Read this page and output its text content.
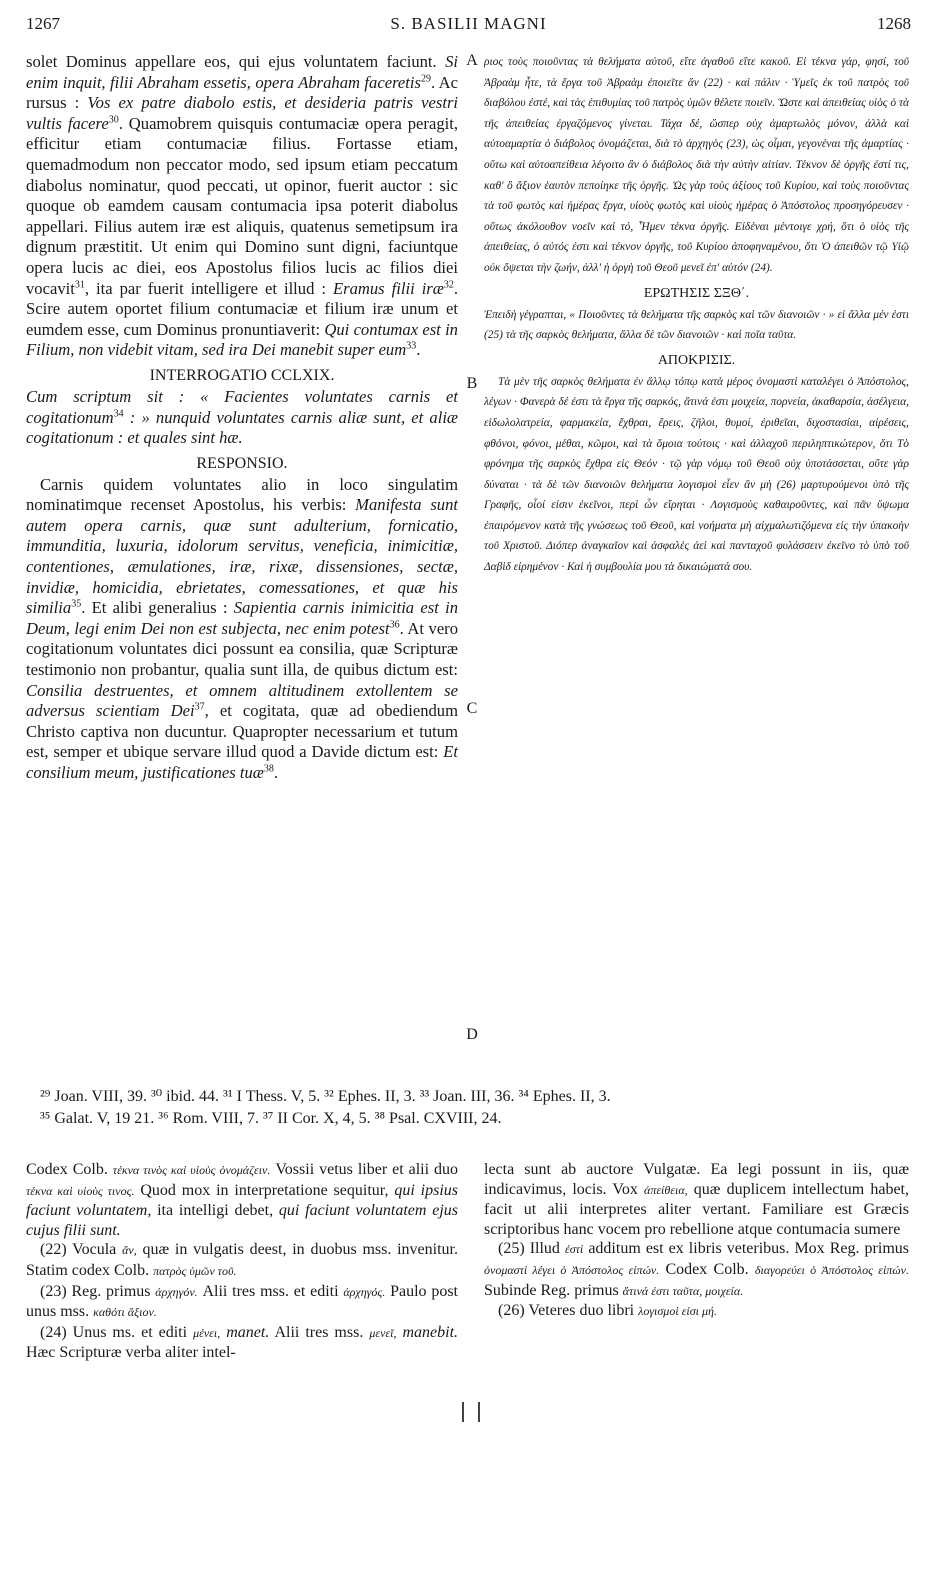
1267	S. BASILII MAGNI	1268

solet Dominus appellare eos, qui ejus voluntatem faciunt. Si enim inquit, filii Abraham essetis, opera Abraham faceretis$^{29}$. Ac rursus : Vos ex patre diabolo estis, et desideria patris vestri vultis facere$^{30}$. Quamobrem quisquis contumaciæ opera peragit, efficitur etiam contumaciæ filius. Fortasse etiam, quemadmodum non peccator modo, sed ipsum etiam peccatum diabolus nominatur, quod peccati, ut opinor, fuerit auctor : sic quoque ob eamdem causam contumacia ipsa poterit diabolus appellari. Filius autem iræ est aliquis, quatenus semetipsum ira dignum præstitit. Ut enim qui Domino sunt digni, faciuntque opera lucis ac diei, eos Apostolus filios lucis ac filios diei vocavit$^{31}$, ita par fuerit intelligere et illud : Eramus filii iræ$^{32}$. Scire autem oportet filium contumaciæ et filium iræ unum et eumdem esse, cum Dominus pronuntiaverit: Qui contumax est in Filium, non videbit vitam, sed ira Dei manebit super eum$^{33}$.

INTERROGATIO CCLXIX.

Cum scriptum sit : « Facientes voluntates carnis et cogitationum$^{34}$ : » nunquid voluntates carnis aliæ sunt, et aliæ cogitationum : et quales sint hæ.

RESPONSIO.

Carnis quidem voluntates alio in loco singulatim nominatimque recenset Apostolus, his verbis: Manifesta sunt autem opera carnis, quæ sunt adulterium, fornicatio, immunditia, luxuria, idolorum servitus, veneficia, inimicitiæ, contentiones, æmulationes, iræ, rixæ, dissensiones, sectæ, invidiæ, homicidia, ebrietates, comessationes, et quæ his similia$^{35}$. Et alibi generalius : Sapientia carnis inimicitia est in Deum, legi enim Dei non est subjecta, nec enim potest$^{36}$. At vero cogitationum voluntates dici possunt ea consilia, quæ Scripturæ testimonio non probantur, qualia sunt illa, de quibus dictum est: Consilia destruentes, et omnem altitudinem extollentem se adversus scientiam Dei$^{37}$, et cogitata, quæ ad obediendum Christo captiva non ducuntur. Quapropter necessarium et tutum est, semper et ubique servare illud quod a Davide dictum est: Et consilium meum, justificationes tuæ$^{38}$.

A
B
C
D

ριος τοὺς ποιοῦντας τὰ θελήματα αὐτοῦ, εἴτε ἀγαθοῦ εἴτε κακοῦ. Εἰ τέκνα γάρ, φησί, τοῦ Ἀβραὰμ ἦτε, τὰ ἔργα τοῦ Ἀβραὰμ ἐποιεῖτε ἄν (22) · καὶ πάλιν · Ὑμεῖς ἐκ τοῦ πατρὸς τοῦ διαβόλου ἐστέ, καὶ τὰς ἐπιθυμίας τοῦ πατρὸς ὑμῶν θέλετε ποιεῖν. Ὥστε καὶ ἀπειθείας υἱὸς ὁ τὰ τῆς ἀπειθείας ἐργαζόμενος γίνεται. Τάχα δέ, ὥσπερ οὐχ ἁμαρτωλὸς μόνον, ἀλλὰ καὶ αὐτοαμαρτία ὁ διάβολος ὀνομάζεται, διὰ τὸ ἀρχηγὸς (23), ὡς οἶμαι, γεγονέναι τῆς ἁμαρτίας · οὕτω καὶ αὐτοαπείθεια λέγοιτο ἂν ὁ διάβολος διὰ τὴν αὐτὴν αἰτίαν. Τέκνον δὲ ὀργῆς ἐστί τις, καθ' ὃ ἄξιον ἑαυτὸν πεποίηκε τῆς ὀργῆς. Ὡς γὰρ τοὺς ἀξίους τοῦ Κυρίου, καὶ τοὺς ποιοῦντας τὰ τοῦ φωτὸς καὶ ἡμέρας ἔργα, υἱοὺς φωτὸς καὶ υἱοὺς ἡμέρας ὁ Ἀπόστολος προσηγόρευσεν · οὕτως ἀκόλουθον νοεῖν καὶ τό, Ἦμεν τέκνα ὀργῆς. Εἰδέναι μέντοιγε χρή, ὅτι ὁ υἱὸς τῆς ἀπειθείας, ὁ αὐτός ἐστι καὶ τέκνον ὀργῆς, τοῦ Κυρίου ἀποφηναμένου, ὅτι Ὁ ἀπειθῶν τῷ Υἱῷ οὐκ ὄψεται τὴν ζωήν, ἀλλ' ἡ ὀργὴ τοῦ Θεοῦ μενεῖ ἐπ' αὐτόν (24).

ΕΡΩΤΗΣΙΣ ΣΞΘ΄.

Ἐπειδὴ γέγραπται, « Ποιοῦντες τὰ θελήματα τῆς σαρκὸς καὶ τῶν διανοιῶν · » εἰ ἄλλα μέν ἐστι (25) τὰ τῆς σαρκὸς θελήματα, ἄλλα δὲ τῶν διανοιῶν · καὶ ποῖα ταῦτα.

ΑΠΟΚΡΙΣΙΣ.

Τὰ μὲν τῆς σαρκὸς θελήματα ἐν ἄλλῳ τόπῳ κατὰ μέρος ὀνομαστὶ καταλέγει ὁ Ἀπόστολος, λέγων · Φανερὰ δέ ἐστι τὰ ἔργα τῆς σαρκός, ἅτινά ἐστι μοιχεία, πορνεία, ἀκαθαρσία, ἀσέλγεια, εἰδωλολατρεία, φαρμακεία, ἔχθραι, ἔρεις, ζῆλοι, θυμοί, ἐριθεῖαι, διχοστασίαι, αἱρέσεις, φθόνοι, φόνοι, μέθαι, κῶμοι, καὶ τὰ ὅμοια τούτοις · καὶ ἀλλαχοῦ περιληπτικώτερον, ὅτι Τὸ φρόνημα τῆς σαρκὸς ἔχθρα εἰς Θεόν · τῷ γὰρ νόμῳ τοῦ Θεοῦ οὐχ ὑποτάσσεται, οὔτε γὰρ δύναται · τὰ δὲ τῶν διανοιῶν θελήματα λογισμοὶ εἶεν ἂν μὴ (26) μαρτυρούμενοι ὑπὸ τῆς Γραφῆς, οἷοί εἰσιν ἐκεῖνοι, περὶ ὧν εἴρηται · Λογισμοὺς καθαιροῦντες, καὶ πᾶν ὕψωμα ἐπαιρόμενον κατὰ τῆς γνώσεως τοῦ Θεοῦ, καὶ νοήματα μὴ αἰχμαλωτιζόμενα εἰς τὴν ὑπακοὴν τοῦ Χριστοῦ. Διόπερ ἀναγκαῖον καὶ ἀσφαλὲς ἀεὶ καὶ πανταχοῦ φυλάσσειν ἐκεῖνο τὸ ὑπὸ τοῦ Δαβὶδ εἰρημένον · Καὶ ἡ συμβουλία μου τὰ δικαιώματά σου.

²⁹ Joan. VIII, 39. ³⁰ ibid. 44. ³¹ I Thess. V, 5. ³² Ephes. II, 3. ³³ Joan. III, 36. ³⁴ Ephes. II, 3.
³⁵ Galat. V, 19 21. ³⁶ Rom. VIII, 7. ³⁷ II Cor. X, 4, 5. ³⁸ Psal. CXVIII, 24.

Codex Colb. τέκνα τινὸς καὶ υἱοὺς ὀνομάζειν. Vossii vetus liber et alii duo τέκνα καὶ υἱοὺς τινος. Quod mox in interpretatione sequitur, qui ipsius faciunt voluntatem, ita intelligi debet, qui faciunt voluntatem ejus cujus filii sunt.

(22) Vocula ἄν, quæ in vulgatis deest, in duobus mss. invenitur. Statim codex Colb. πατρὸς ὑμῶν τοῦ.

(23) Reg. primus ἀρχηγόν. Alii tres mss. et editi ἀρχηγός. Paulo post unus mss. καθότι ἄξιον.

(24) Unus ms. et editi μένει, manet. Alii tres mss. μενεῖ, manebit. Hæc Scripturæ verba aliter intel-

lecta sunt ab auctore Vulgatæ. Ea legi possunt in iis, quæ indicavimus, locis. Vox ἀπείθεια, quæ duplicem intellectum habet, facit ut alii interpretes aliter vertant. Familiare est Græcis scriptoribus hanc vocem pro rebellione atque contumacia sumere

(25) Illud ἐστὶ additum est ex libris veteribus. Mox Reg. primus ὀνομαστὶ λέγει ὁ Ἀπόστολος εἰπών. Codex Colb. διαγορεύει ὁ Ἀπόστολος εἰπών. Subinde Reg. primus ἅτινά ἐστι ταῦτα, μοιχεία.

(26) Veteres duo libri λογισμοὶ εἰσι μή.
